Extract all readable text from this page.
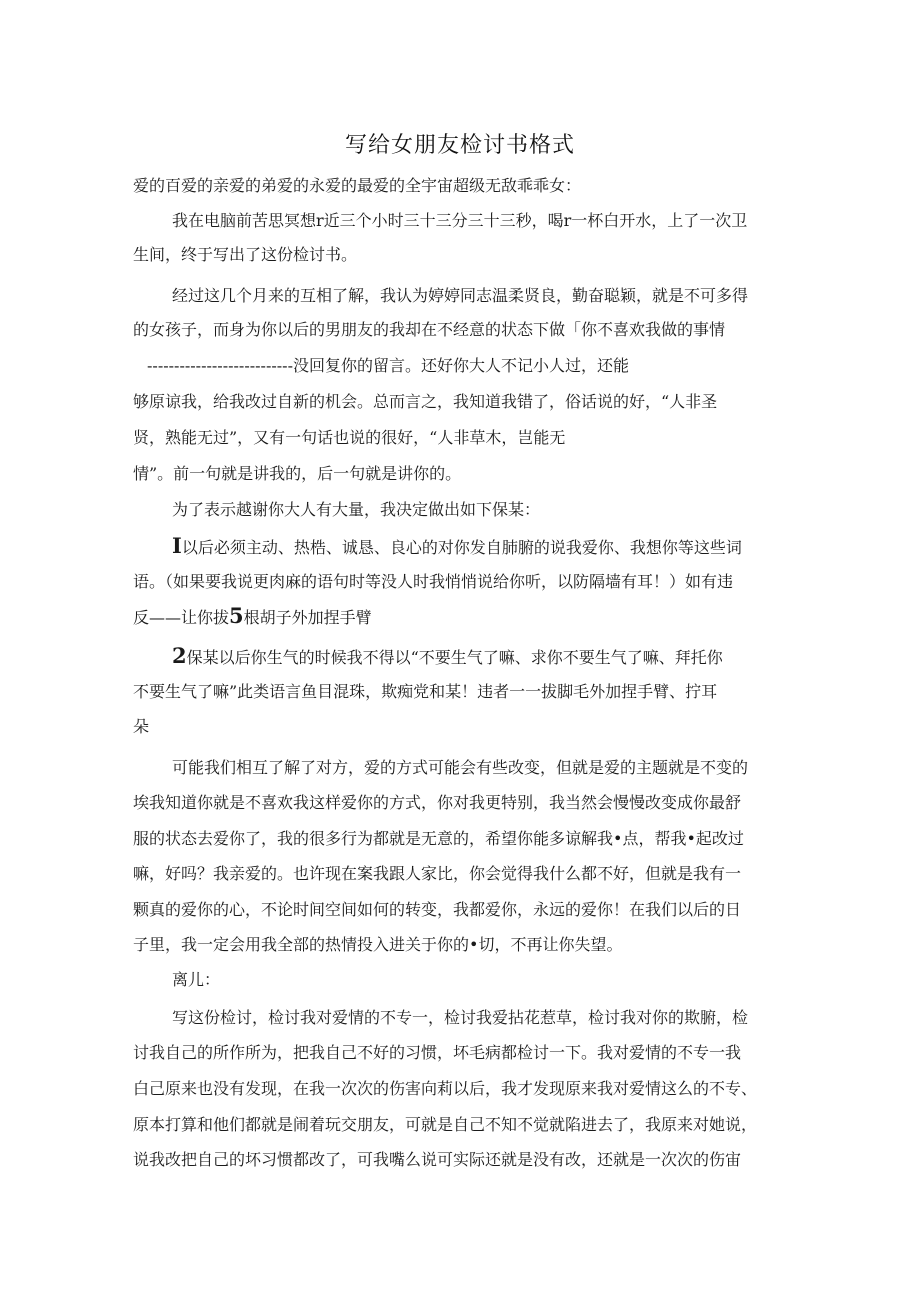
写给女朋友检讨书格式
爱的百爱的亲爱的弟爱的永爱的最爱的全宇宙超级无敌乖乖女：
我在电脑前苦思冥想r近三个小时三十三分三十三秒，喝r一杯白开水，上了一次卫
生间，终于写出了这份检讨书。
经过这几个月来的互相了解，我认为婷婷同志温柔贤良，勤奋聪颖，就是不可多得
的女孩子，而身为你以后的男朋友的我却在不经意的状态下做「你不喜欢我做的事情
---------------------------没回复你的留言。还好你大人不记小人过，还能
够原谅我，给我改过自新的机会。总而言之，我知道我错了，俗话说的好，“人非圣
贤，熟能无过”，又有一句话也说的很好，“人非草木，岂能无
情”。前一句就是讲我的，后一句就是讲你的。
为了表示越谢你大人有大量，我决定做出如下保某：
I以后必须主动、热梏、诚恳、良心的对你发自肺腑的说我爱你、我想你等这些词
语。（如果要我说更肉麻的语句时等没人时我悄悄说给你听，以防隔墙有耳！）如有违
反——让你拔5根胡子外加捏手臂
2保某以后你生气的时候我不得以“不要生气了嘛、求你不要生气了嘛、拜托你
不要生气了嘛”此类语言鱼目混珠，欺痴党和某！违者一一拔脚毛外加捏手臂、拧耳
朵
可能我们相互了解了对方，爱的方式可能会有些改变，但就是爱的主题就是不变的
埃我知道你就是不喜欢我这样爱你的方式，你对我更特别，我当然会慢慢改变成你最舒
服的状态去爱你了，我的很多行为都就是无意的，希望你能多谅解我•点，帮我•起改过
嘛，好吗？我亲爱的。也许现在案我跟人家比，你会觉得我什么都不好，但就是我有一
颗真的爱你的心，不论时间空间如何的转变，我都爱你，永远的爱你！在我们以后的日
子里，我一定会用我全部的热情投入进关于你的•切，不再让你失望。
离儿：
写这份检讨，检讨我对爱情的不专一，检讨我爱拈花惹草，检讨我对你的欺腑，检
讨我自己的所作所为，把我自己不好的习惯，坏毛病都检讨一下。我对爱情的不专一我
白己原来也没有发现，在我一次次的伤害向莉以后，我才发现原来我对爱情这么的不专、
原本打算和他们都就是闹着玩交朋友，可就是自己不知不觉就陷进去了，我原来对她说，
说我改把自己的坏习惯都改了，可我嘴么说可实际还就是没有改，还就是一次次的伤宙
